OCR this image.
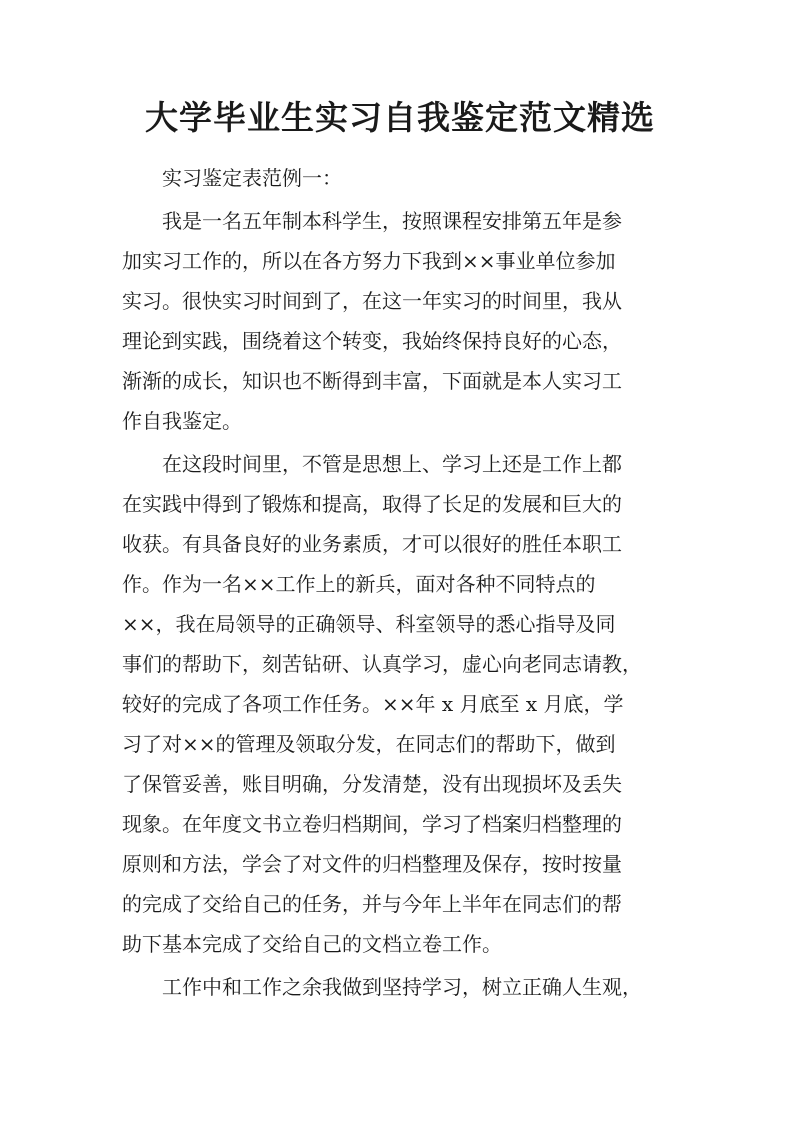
大学毕业生实习自我鉴定范文精选
实习鉴定表范例一：
我是一名五年制本科学生，按照课程安排第五年是参
加实习工作的，所以在各方努力下我到××事业单位参加
实习。很快实习时间到了，在这一年实习的时间里，我从
理论到实践，围绕着这个转变，我始终保持良好的心态，
渐渐的成长，知识也不断得到丰富，下面就是本人实习工
作自我鉴定。
在这段时间里，不管是思想上、学习上还是工作上都
在实践中得到了锻炼和提高，取得了长足的发展和巨大的
收获。有具备良好的业务素质，才可以很好的胜任本职工
作。作为一名××工作上的新兵，面对各种不同特点的
××，我在局领导的正确领导、科室领导的悉心指导及同
事们的帮助下，刻苦钻研、认真学习，虚心向老同志请教，
较好的完成了各项工作任务。××年 x 月底至 x 月底，学
习了对××的管理及领取分发，在同志们的帮助下，做到
了保管妥善，账目明确，分发清楚，没有出现损坏及丢失
现象。在年度文书立卷归档期间，学习了档案归档整理的
原则和方法，学会了对文件的归档整理及保存，按时按量
的完成了交给自己的任务，并与今年上半年在同志们的帮
助下基本完成了交给自己的文档立卷工作。
工作中和工作之余我做到坚持学习，树立正确人生观，
